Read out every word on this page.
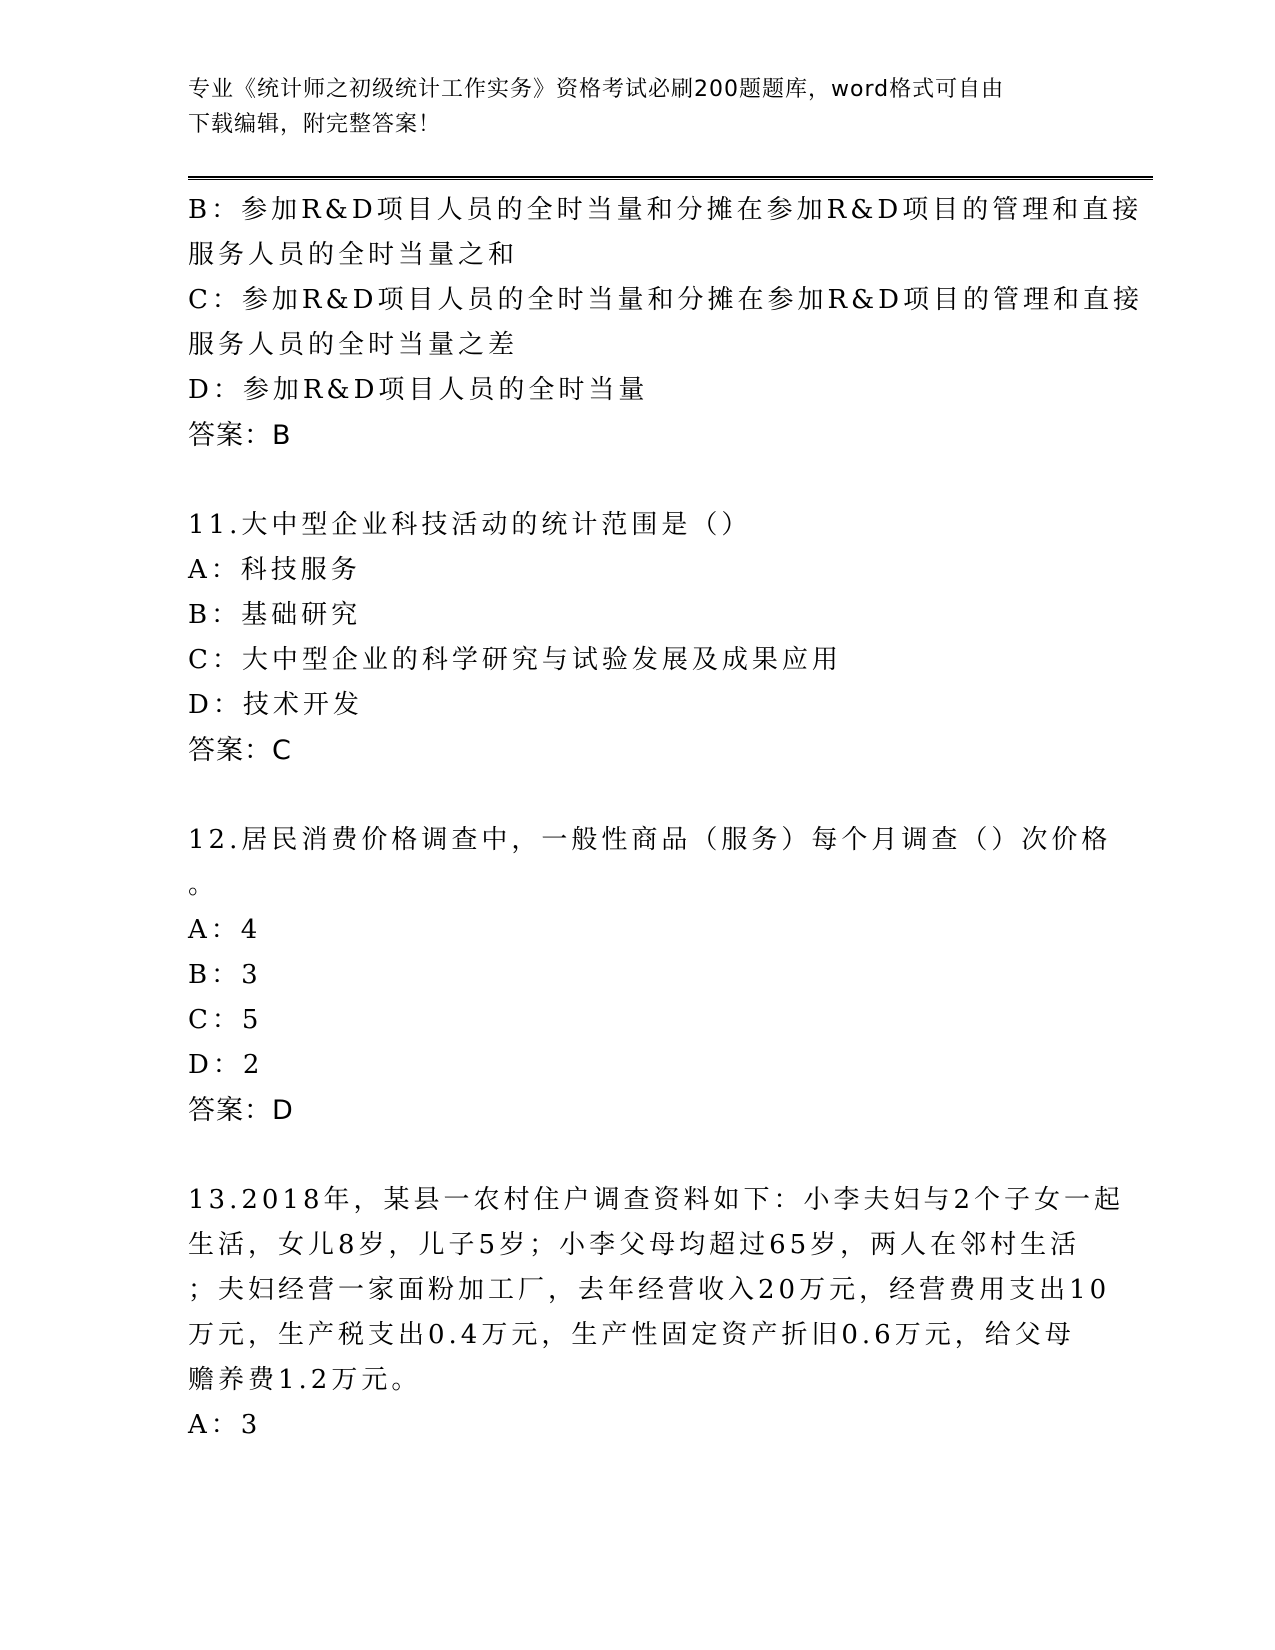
专业《统计师之初级统计工作实务》资格考试必刷200题题库，word格式可自由
下载编辑，附完整答案！

B：参加R&D项目人员的全时当量和分摊在参加R&D项目的管理和直接

服务人员的全时当量之和

C：参加R&D项目人员的全时当量和分摊在参加R&D项目的管理和直接

服务人员的全时当量之差

D：参加R&D项目人员的全时当量

答案：B

11.大中型企业科技活动的统计范围是（）

A：科技服务

B：基础研究

C：大中型企业的科学研究与试验发展及成果应用

D：技术开发

答案：C

12.居民消费价格调查中，一般性商品（服务）每个月调查（）次价格

。

A：4

B：3

C：5

D：2

答案：D

13.2018年，某县一农村住户调查资料如下：小李夫妇与2个子女一起

生活，女儿8岁，儿子5岁；小李父母均超过65岁，两人在邻村生活

；夫妇经营一家面粉加工厂，去年经营收入20万元，经营费用支出10

万元，生产税支出0.4万元，生产性固定资产折旧0.6万元，给父母

赡养费1.2万元。

A：3
